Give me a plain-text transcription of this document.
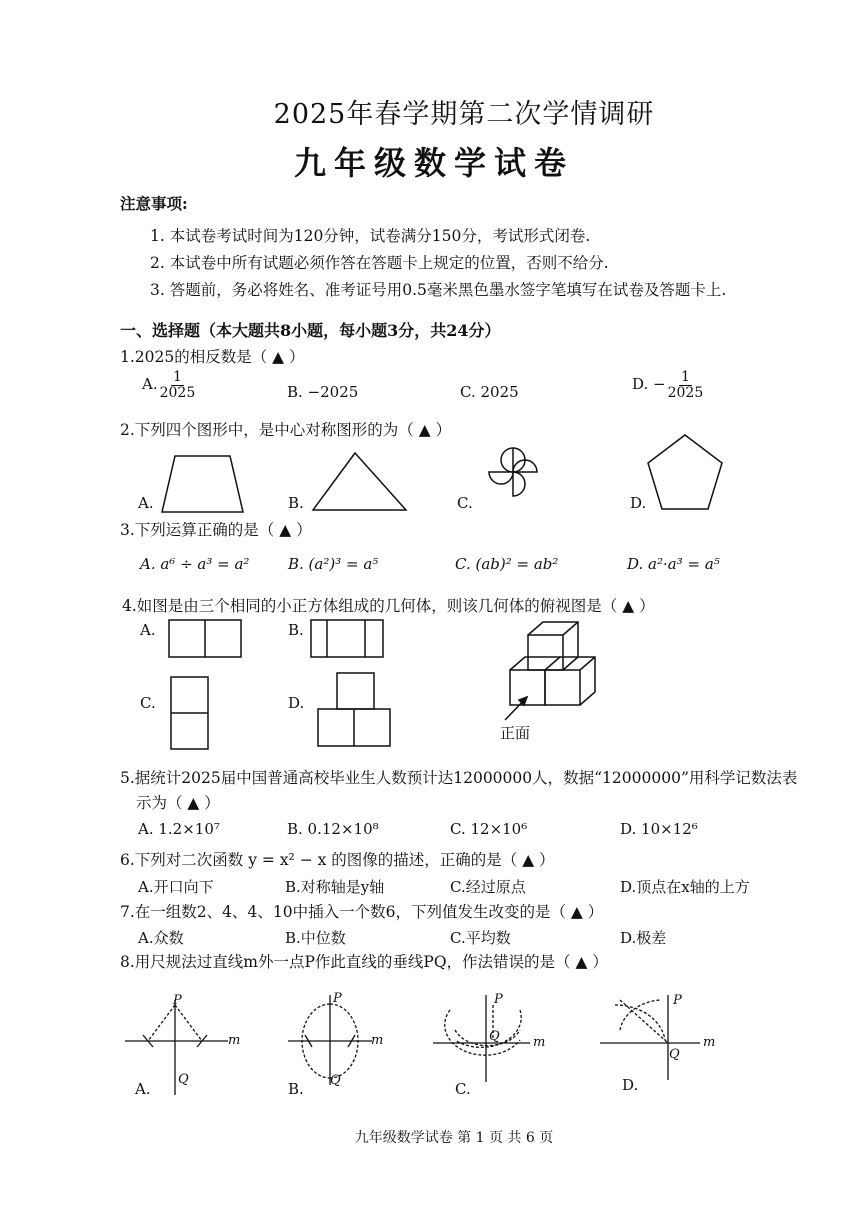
2025年春学期第二次学情调研
九年级数学试卷
注意事项:
1. 本试卷考试时间为120分钟，试卷满分150分，考试形式闭卷.
2. 本试卷中所有试题必须作答在答题卡上规定的位置，否则不给分.
3. 答题前，务必将姓名、准考证号用0.5毫米黑色墨水签字笔填写在试卷及答题卡上.
一、选择题（本大题共8小题，每小题3分，共24分）
1.2025的相反数是（ ▲ ）
A. $\frac{1}{2025}$	B. −2025	C. 2025	D. − $\frac{1}{2025}$
2.下列四个图形中，是中心对称图形的为（ ▲ ）
A.	B.	C.	D.
3.下列运算正确的是（ ▲ ）
A. a⁶ ÷ a³ = a²	B. (a²)³ = a⁵	C. (ab)² = ab²	D. a²·a³ = a⁵
4.如图是由三个相同的小正方体组成的几何体，则该几何体的俯视图是（ ▲ ）
A.	B.
C.	D.
正面
5.据统计2025届中国普通高校毕业生人数预计达12000000人，数据“12000000”用科学记数法表
示为（ ▲ ）
A. 1.2×10⁷	B. 0.12×10⁸	C. 12×10⁶	D. 10×12⁶
6.下列对二次函数 y = x² − x 的图像的描述，正确的是（ ▲ ）
A.开口向下	B.对称轴是y轴	C.经过原点	D.顶点在x轴的上方
7.在一组数2、4、4、10中插入一个数6，下列值发生改变的是（ ▲ ）
A.众数	B.中位数	C.平均数	D.极差
8.用尺规法过直线m外一点P作此直线的垂线PQ，作法错误的是（ ▲ ）
A.	B.	C.	D.
P
Q
m
P
Q
m
P
Q	m
P
Q
m
九年级数学试卷 第 1 页 共 6 页
